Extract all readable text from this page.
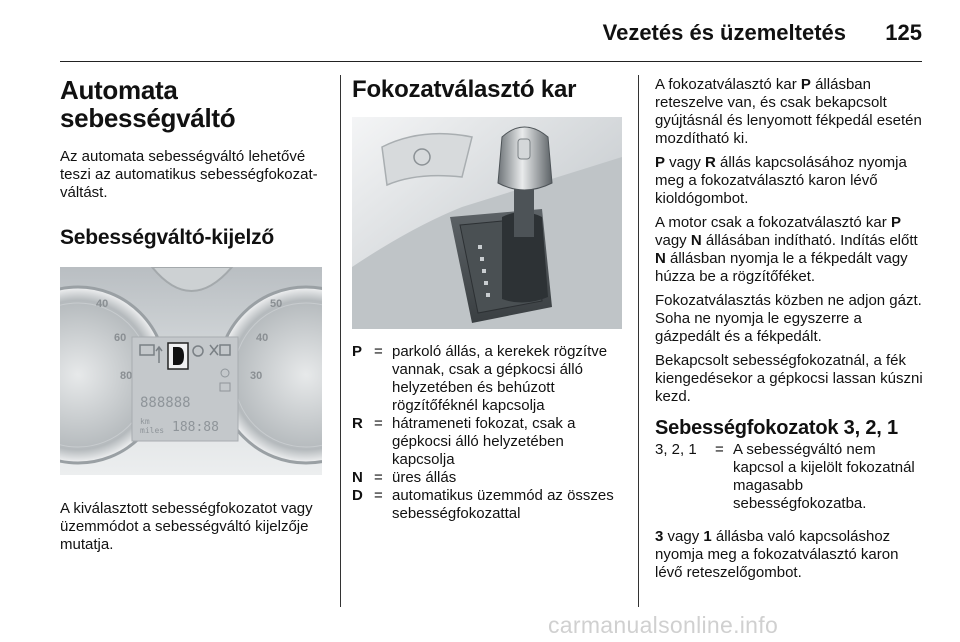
Vezetés és üzemeltetés 125
Automata
sebességváltó

Az automata sebességváltó lehetővé teszi az automatikus sebességfokozat-váltást.

Sebességváltó-kijelző
40
60
80
50
40
30
888888
km
miles 188:88

A kiválasztott sebességfokozatot vagy üzemmódot a sebességváltó kijelzője mutatja.

Fokozatválasztó kar
P = parkoló állás, a kerekek rögzítve vannak, csak a gépkocsi álló helyzetében és behúzott rögzítőféknél kapcsolja
R = hátrameneti fokozat, csak a gépkocsi álló helyzetében kapcsolja
N = üres állás
D = automatikus üzemmód az összes sebességfokozattal

A fokozatválasztó kar P állásban reteszelve van, és csak bekapcsolt gyújtásnál és lenyomott fékpedál esetén mozdítható ki.

P vagy R állás kapcsolásához nyomja meg a fokozatválasztó karon lévő kioldógombot.

A motor csak a fokozatválasztó kar P vagy N állásában indítható. Indítás előtt N állásban nyomja le a fékpedált vagy húzza be a rögzítőféket.

Fokozatválasztás közben ne adjon gázt. Soha ne nyomja le egyszerre a gázpedált és a fékpedált.

Bekapcsolt sebességfokozatnál, a fék kiengedésekor a gépkocsi lassan kúszni kezd.

Sebességfokozatok 3, 2, 1
3, 2, 1	= A sebességváltó nem kapcsol a kijelölt fokozatnál magasabb sebességfokozatba.

3 vagy 1 állásba való kapcsoláshoz nyomja meg a fokozatválasztó karon lévő reteszelőgombot.

carmanualsonline.info
